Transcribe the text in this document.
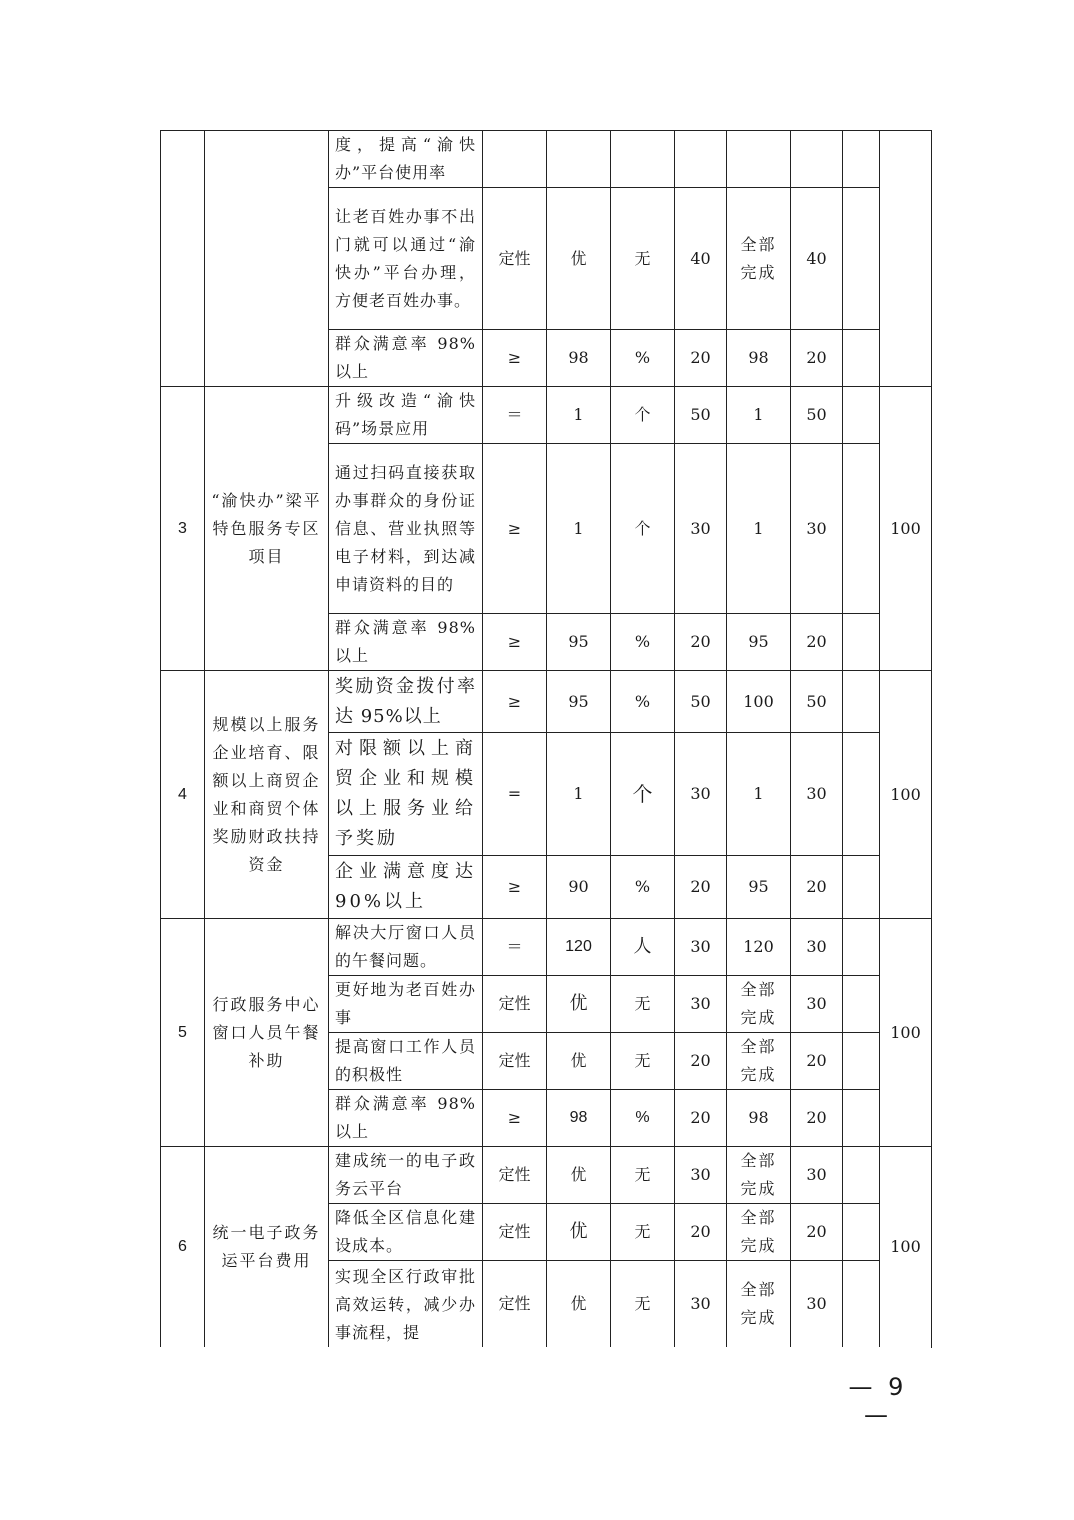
		度，提高“渝快办”平台使用率								
		让老百姓办事不出门就可以通过“渝快办”平台办理，方便老百姓办事。	定性	优	无	40	全部完成	40		
		群众满意率 98%以上	≥	98	%	20	98	20		
3	“渝快办”梁平特色服务专区项目	升级改造“渝快码”场景应用	＝	1	个	50	1	50		100
		通过扫码直接获取办事群众的身份证信息、营业执照等电子材料，到达减申请资料的目的	≥	1	个	30	1	30		
		群众满意率 98%以上	≥	95	%	20	95	20		
4	规模以上服务企业培育、限额以上商贸企业和商贸个体奖励财政扶持资金	奖励资金拨付率达 95%以上	≥	95	%	50	100	50		100
		对限额以上商贸企业和规模以上服务业给予奖励	=	1	个	30	1	30		
		企业满意度达 90%以上	≥	90	%	20	95	20		
5	行政服务中心窗口人员午餐补助	解决大厅窗口人员的午餐问题。	＝	120	人	30	120	30		100
		更好地为老百姓办事	定性	优	无	30	全部完成	30		
		提高窗口工作人员的积极性	定性	优	无	20	全部完成	20		
		群众满意率 98%以上	≥	98	%	20	98	20		
6	统一电子政务运平台费用	建成统一的电子政务云平台	定性	优	无	30	全部完成	30		100
		降低全区信息化建设成本。	定性	优	无	20	全部完成	20		
		实现全区行政审批高效运转，减少办事流程，提	定性	优	无	30	全部完成	30		
— 9 —
